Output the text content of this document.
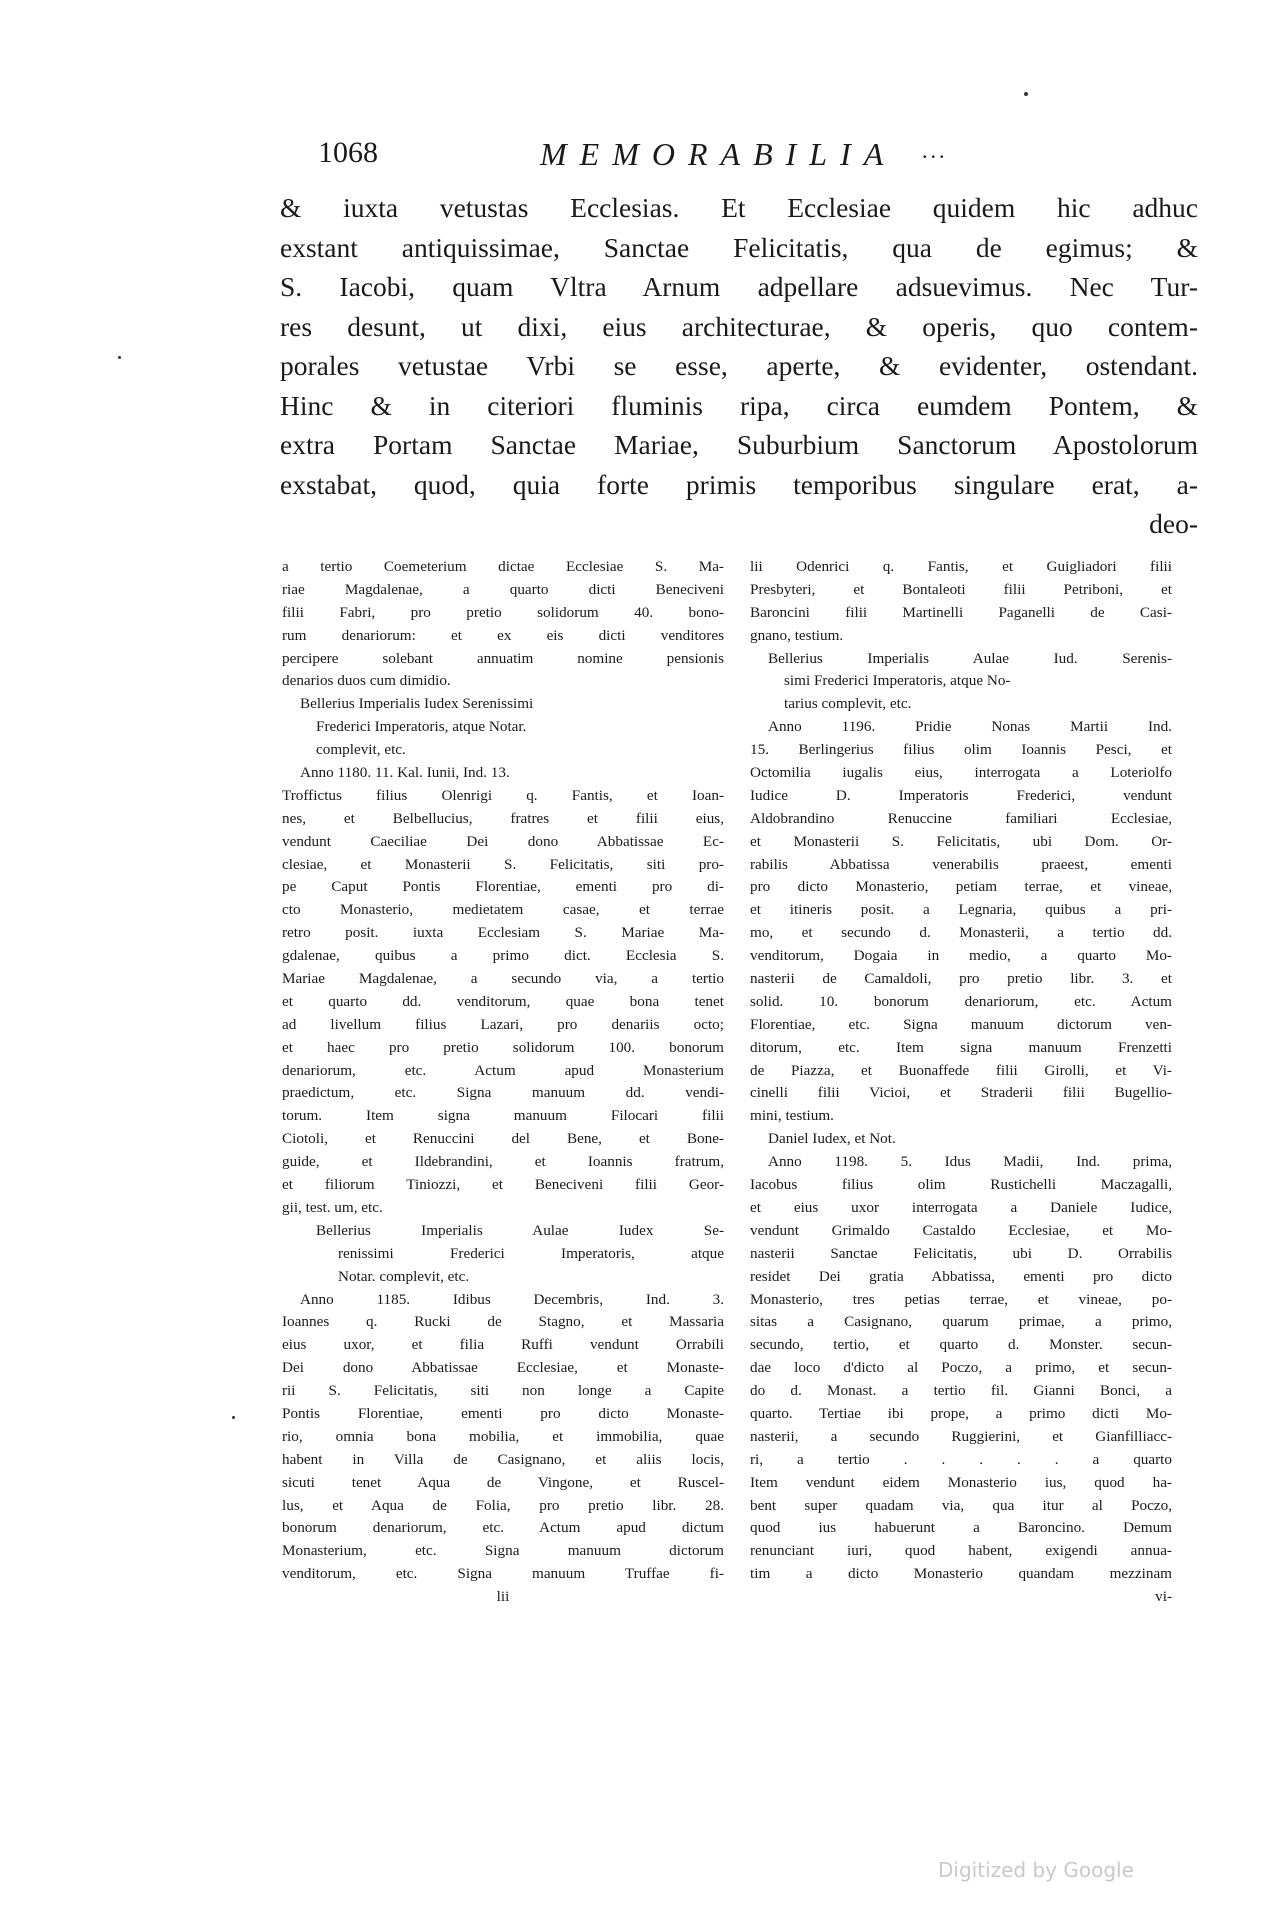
1068	MEMORABILIA ...
& iuxta vetustas Ecclesias. Et Ecclesiae quidem hic adhuc
exstant antiquissimae, Sanctae Felicitatis, qua de egimus; &
S. Iacobi, quam Vltra Arnum adpellare adsuevimus. Nec Tur-
res desunt, ut dixi, eius architecturae, & operis, quo contem-
porales vetustae Vrbi se esse, aperte, & evidenter, ostendant.
Hinc & in citeriori fluminis ripa, circa eumdem Pontem, &
extra Portam Sanctae Mariae, Suburbium Sanctorum Apostolorum
exstabat, quod, quia forte primis temporibus singulare erat, a-
deo-
a tertio Coemeterium dictae Ecclesiae S. Ma-
riae Magdalenae, a quarto dicti Beneciveni
filii Fabri, pro pretio solidorum 40. bono-
rum denariorum: et ex eis dicti venditores
percipere solebant annuatim nomine pensionis
denarios duos cum dimidio.
Bellerius Imperialis Iudex Serenissimi
Frederici Imperatoris, atque Notar.
complevit, etc.
Anno 1180. 11. Kal. Iunii, Ind. 13.
Troffictus filius Olenrigi q. Fantis, et Ioan-
nes, et Belbellucius, fratres et filii eius,
vendunt Caeciliae Dei dono Abbatissae Ec-
clesiae, et Monasterii S. Felicitatis, siti pro-
pe Caput Pontis Florentiae, ementi pro di-
cto Monasterio, medietatem casae, et terrae
retro posit. iuxta Ecclesiam S. Mariae Ma-
gdalenae, quibus a primo dict. Ecclesia S.
Mariae Magdalenae, a secundo via, a tertio
et quarto dd. venditorum, quae bona tenet
ad livellum filius Lazari, pro denariis octo;
et haec pro pretio solidorum 100. bonorum
denariorum, etc. Actum apud Monasterium
praedictum, etc. Signa manuum dd. vendi-
torum. Item signa manuum Filocari filii
Ciotoli, et Renuccini del Bene, et Bone-
guide, et Ildebrandini, et Ioannis fratrum,
et filiorum Tiniozzi, et Beneciveni filii Geor-
gii, test. um, etc.
Bellerius Imperialis Aulae Iudex Se-
renissimi Frederici Imperatoris, atque
Notar. complevit, etc.
Anno 1185. Idibus Decembris, Ind. 3.
Ioannes q. Rucki de Stagno, et Massaria
eius uxor, et filia Ruffi vendunt Orrabili
Dei dono Abbatissae Ecclesiae, et Monaste-
rii S. Felicitatis, siti non longe a Capite
Pontis Florentiae, ementi pro dicto Monaste-
rio, omnia bona mobilia, et immobilia, quae
habent in Villa de Casignano, et aliis locis,
sicuti tenet Aqua de Vingone, et Ruscel-
lus, et Aqua de Folia, pro pretio libr. 28.
bonorum denariorum, etc. Actum apud dictum
Monasterium, etc. Signa manuum dictorum
venditorum, etc. Signa manuum Truffae fi-
lii
lii Odenrici q. Fantis, et Guigliadori filii
Presbyteri, et Bontaleoti filii Petriboni, et
Baroncini filii Martinelli Paganelli de Casi-
gnano, testium.
Bellerius Imperialis Aulae Iud. Serenis-
simi Frederici Imperatoris, atque No-
tarius complevit, etc.
Anno 1196. Pridie Nonas Martii Ind.
15. Berlingerius filius olim Ioannis Pesci, et
Octomilia iugalis eius, interrogata a Loteriolfo
Iudice D. Imperatoris Frederici, vendunt
Aldobrandino Renuccine familiari Ecclesiae,
et Monasterii S. Felicitatis, ubi Dom. Or-
rabilis Abbatissa venerabilis praeest, ementi
pro dicto Monasterio, petiam terrae, et vineae,
et itineris posit. a Legnaria, quibus a pri-
mo, et secundo d. Monasterii, a tertio dd.
venditorum, Dogaia in medio, a quarto Mo-
nasterii de Camaldoli, pro pretio libr. 3. et
solid. 10. bonorum denariorum, etc. Actum
Florentiae, etc. Signa manuum dictorum ven-
ditorum, etc. Item signa manuum Frenzetti
de Piazza, et Buonaffede filii Girolli, et Vi-
cinelli filii Vicioi, et Straderii filii Bugellio-
mini, testium.
Daniel Iudex, et Not.
Anno 1198. 5. Idus Madii, Ind. prima,
Iacobus filius olim Rustichelli Maczagalli,
et eius uxor interrogata a Daniele Iudice,
vendunt Grimaldo Castaldo Ecclesiae, et Mo-
nasterii Sanctae Felicitatis, ubi D. Orrabilis
residet Dei gratia Abbatissa, ementi pro dicto
Monasterio, tres petias terrae, et vineae, po-
sitas a Casignano, quarum primae, a primo,
secundo, tertio, et quarto d. Monster. secun-
dae loco d'dicto al Poczo, a primo, et secun-
do d. Monast. a tertio fil. Gianni Bonci, a
quarto. Tertiae ibi prope, a primo dicti Mo-
nasterii, a secundo Ruggierini, et Gianfilliacc-
ri, a tertio . . . . . a quarto
Item vendunt eidem Monasterio ius, quod ha-
bent super quadam via, qua itur al Poczo,
quod ius habuerunt a Baroncino. Demum
renunciant iuri, quod habent, exigendi annua-
tim a dicto Monasterio quandam mezzinam
vi-
Digitized by Google
